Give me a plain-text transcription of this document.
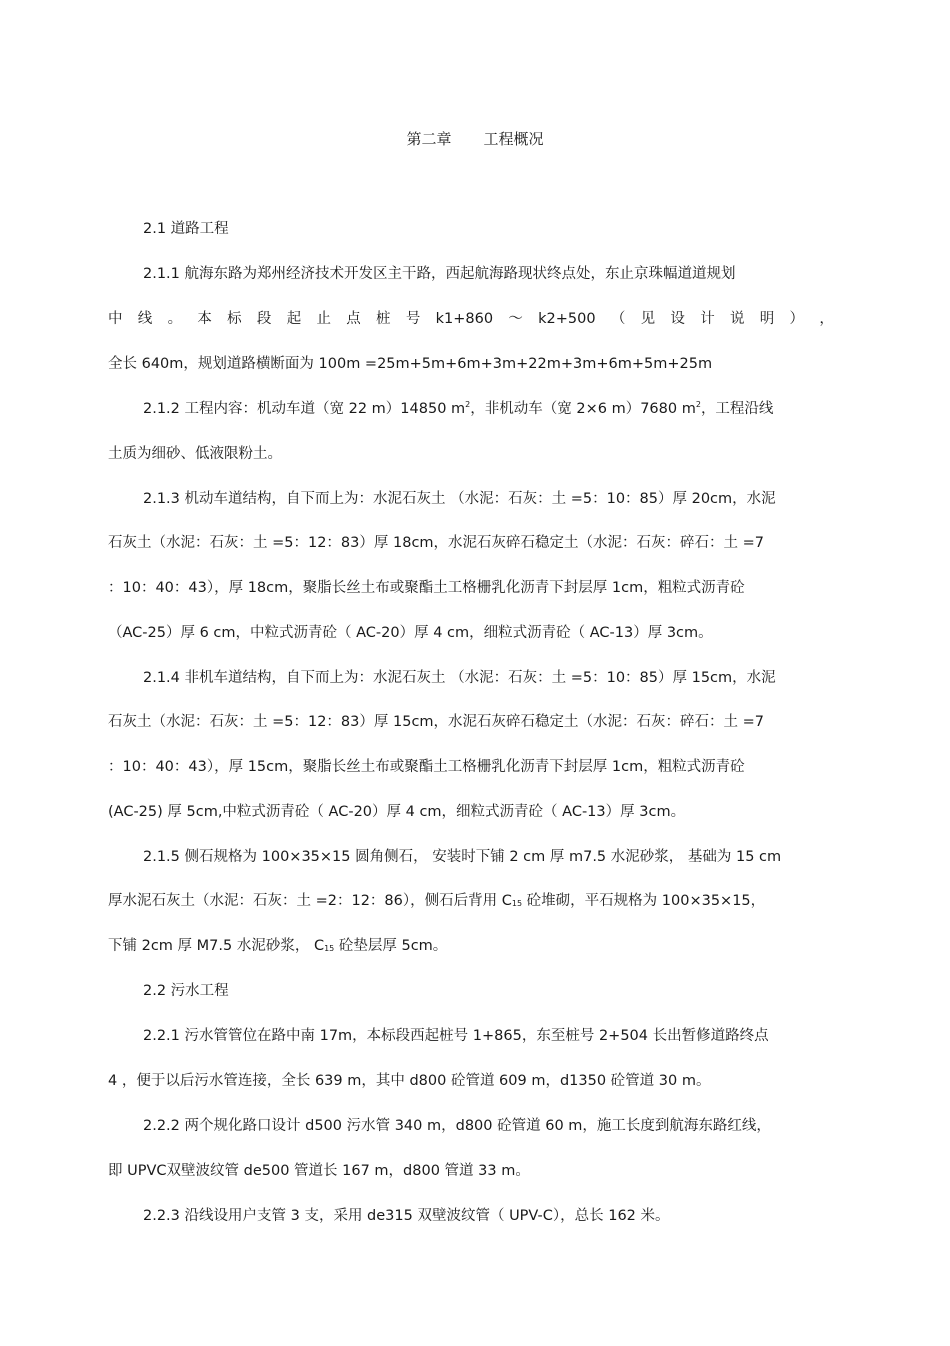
第二章 工程概况
2.1 道路工程
2.1.1 航海东路为郑州经济技术开发区主干路，西起航海路现状终点处，东止京珠幅道道规划
中 线 。 本 标 段 起 止 点 桩 号 k1+860 ～ k2+500 （ 见 设 计 说 明 ） ，
全长 640m，规划道路横断面为 100m =25m+5m+6m+3m+22m+3m+6m+5m+25m
2.1.2 工程内容：机动车道（宽 22 m）14850 $m^2$，非机动车（宽 2×6 m）7680 $m^2$，工程沿线
土质为细砂、低液限粉土。
2.1.3 机动车道结构，自下而上为：水泥石灰土 （水泥：石灰：土 =5：10：85）厚 20cm，水泥
石灰土（水泥：石灰：土 =5：12：83）厚 18cm，水泥石灰碎石稳定土（水泥：石灰：碎石：土 =7
：10：40：43），厚 18cm，聚脂长丝土布或聚酯土工格栅乳化沥青下封层厚 1cm，粗粒式沥青砼
（AC-25）厚 6 cm，中粒式沥青砼（ AC-20）厚 4 cm，细粒式沥青砼（ AC-13）厚 3cm。
2.1.4 非机车道结构，自下而上为：水泥石灰土 （水泥：石灰：土 =5：10：85）厚 15cm，水泥
石灰土（水泥：石灰：土 =5：12：83）厚 15cm，水泥石灰碎石稳定土（水泥：石灰：碎石：土 =7
：10：40：43），厚 15cm，聚脂长丝土布或聚酯土工格栅乳化沥青下封层厚 1cm，粗粒式沥青砼
(AC-25) 厚 5cm,中粒式沥青砼（ AC-20）厚 4 cm，细粒式沥青砼（ AC-13）厚 3cm。
2.1.5 侧石规格为 100×35×15 圆角侧石， 安装时下铺 2 cm 厚 m7.5 水泥砂浆， 基础为 15 cm
厚水泥石灰土（水泥：石灰：土 =2：12：86），侧石后背用 $C_{15}$ 砼堆砌，平石规格为 100×35×15，
下铺 2cm 厚 M7.5 水泥砂浆， $C_{15}$ 砼垫层厚 5cm。
2.2 污水工程
2.2.1 污水管管位在路中南 17m，本标段西起桩号 1+865，东至桩号 2+504 长出暂修道路终点
4 ，便于以后污水管连接，全长 639 m，其中 d800 砼管道 609 m，d1350 砼管道 30 m。
2.2.2 两个规化路口设计 d500 污水管 340 m，d800 砼管道 60 m，施工长度到航海东路红线，
即 UPVC双壁波纹管 de500 管道长 167 m，d800 管道 33 m。
2.2.3 沿线设用户支管 3 支，采用 de315 双壁波纹管（ UPV-C），总长 162 米。
